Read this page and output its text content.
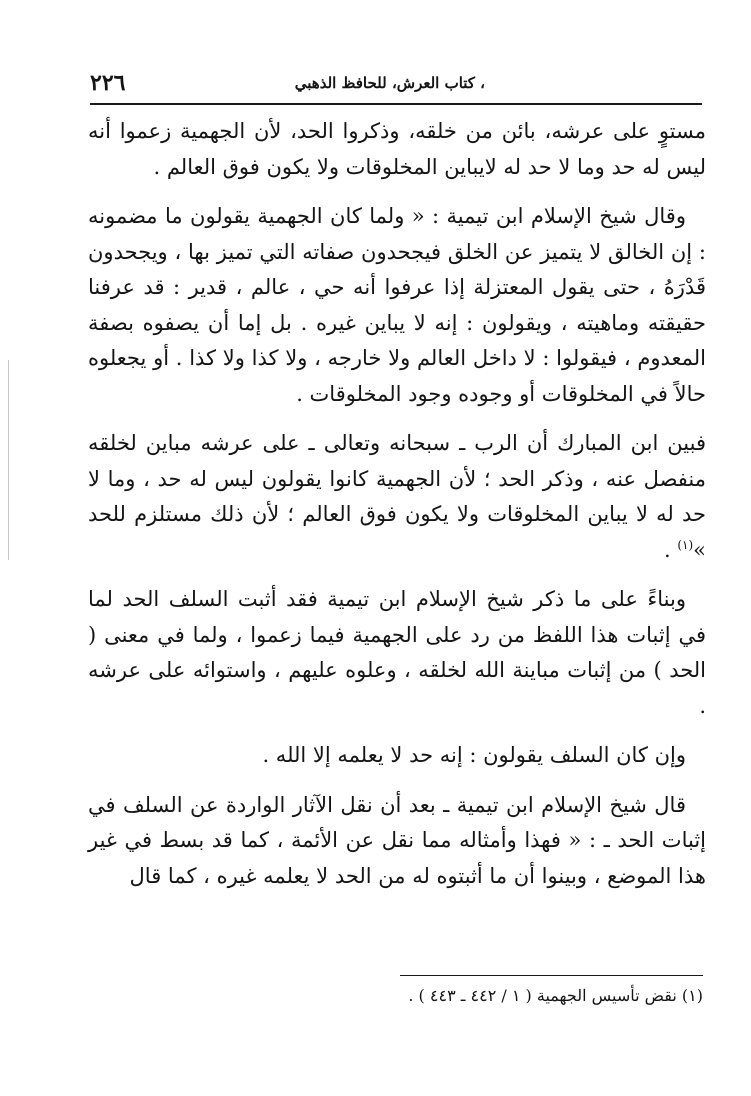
، كتاب العرش، للحافظ الذهبي
٢٢٦

مستوٍ على عرشه، بائن من خلقه، وذكروا الحد، لأن الجهمية زعموا أنه ليس له حد وما لا حد له لايباين المخلوقات ولا يكون فوق العالم .

وقال شيخ الإسلام ابن تيمية : « ولما كان الجهمية يقولون ما مضمونه : إن الخالق لا يتميز عن الخلق فيجحدون صفاته التي تميز بها ، ويجحدون قَدْرَهُ ، حتى يقول المعتزلة إذا عرفوا أنه حي ، عالم ، قدير : قد عرفنا حقيقته وماهيته ، ويقولون : إنه لا يباين غيره . بل إما أن يصفوه بصفة المعدوم ، فيقولوا : لا داخل العالم ولا خارجه ، ولا كذا ولا كذا . أو يجعلوه حالاً في المخلوقات أو وجوده وجود المخلوقات .

فبين ابن المبارك أن الرب ـ سبحانه وتعالى ـ على عرشه مباين لخلقه منفصل عنه ، وذكر الحد ؛ لأن الجهمية كانوا يقولون ليس له حد ، وما لا حد له لا يباين المخلوقات ولا يكون فوق العالم ؛ لأن ذلك مستلزم للحد »$^{(١)}$ .

وبناءً على ما ذكر شيخ الإسلام ابن تيمية فقد أثبت السلف الحد لما في إثبات هذا اللفظ من رد على الجهمية فيما زعموا ، ولما في معنى ( الحد ) من إثبات مباينة الله لخلقه ، وعلوه عليهم ، واستوائه على عرشه .

وإن كان السلف يقولون : إنه حد لا يعلمه إلا الله .

قال شيخ الإسلام ابن تيمية ـ بعد أن نقل الآثار الواردة عن السلف في إثبات الحد ـ : « فهذا وأمثاله مما نقل عن الأئمة ، كما قد بسط في غير هذا الموضع ، وبينوا أن ما أثبتوه له من الحد لا يعلمه غيره ، كما قال

(١) نقض تأسيس الجهمية ( ١ / ٤٤٢ ـ ٤٤٣ ) .
